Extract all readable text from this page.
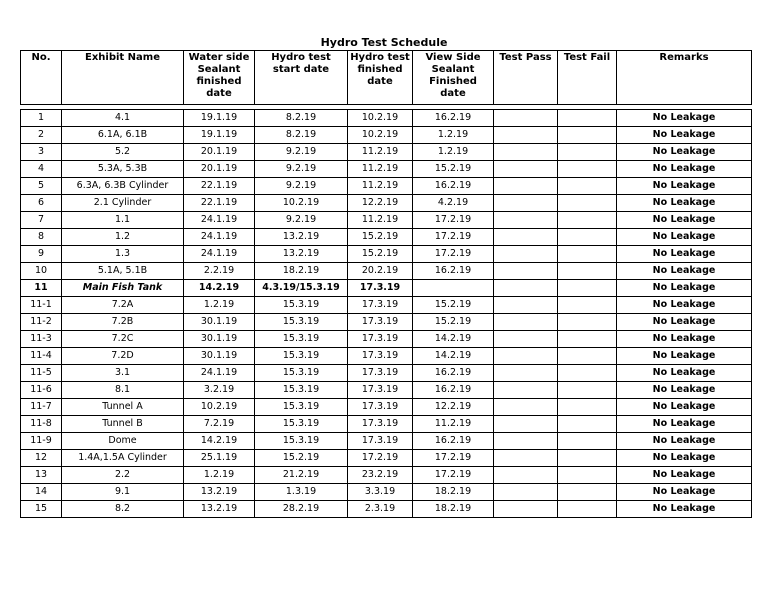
Hydro Test Schedule
No.	Exhibit Name	Water side Sealant finished date	Hydro test start date	Hydro test finished date	View Side Sealant Finished date	Test Pass	Test Fail	Remarks

1	4.1	19.1.19	8.2.19	10.2.19	16.2.19			No Leakage
2	6.1A, 6.1B	19.1.19	8.2.19	10.2.19	1.2.19			No Leakage
3	5.2	20.1.19	9.2.19	11.2.19	1.2.19			No Leakage
4	5.3A, 5.3B	20.1.19	9.2.19	11.2.19	15.2.19			No Leakage
5	6.3A, 6.3B Cylinder	22.1.19	9.2.19	11.2.19	16.2.19			No Leakage
6	2.1 Cylinder	22.1.19	10.2.19	12.2.19	4.2.19			No Leakage
7	1.1	24.1.19	9.2.19	11.2.19	17.2.19			No Leakage
8	1.2	24.1.19	13.2.19	15.2.19	17.2.19			No Leakage
9	1.3	24.1.19	13.2.19	15.2.19	17.2.19			No Leakage
10	5.1A, 5.1B	2.2.19	18.2.19	20.2.19	16.2.19			No Leakage
11	Main Fish Tank	14.2.19	4.3.19/15.3.19	17.3.19				No Leakage
11-1	7.2A	1.2.19	15.3.19	17.3.19	15.2.19			No Leakage
11-2	7.2B	30.1.19	15.3.19	17.3.19	15.2.19			No Leakage
11-3	7.2C	30.1.19	15.3.19	17.3.19	14.2.19			No Leakage
11-4	7.2D	30.1.19	15.3.19	17.3.19	14.2.19			No Leakage
11-5	3.1	24.1.19	15.3.19	17.3.19	16.2.19			No Leakage
11-6	8.1	3.2.19	15.3.19	17.3.19	16.2.19			No Leakage
11-7	Tunnel A	10.2.19	15.3.19	17.3.19	12.2.19			No Leakage
11-8	Tunnel B	7.2.19	15.3.19	17.3.19	11.2.19			No Leakage
11-9	Dome	14.2.19	15.3.19	17.3.19	16.2.19			No Leakage
12	1.4A,1.5A Cylinder	25.1.19	15.2.19	17.2.19	17.2.19			No Leakage
13	2.2	1.2.19	21.2.19	23.2.19	17.2.19			No Leakage
14	9.1	13.2.19	1.3.19	3.3.19	18.2.19			No Leakage
15	8.2	13.2.19	28.2.19	2.3.19	18.2.19			No Leakage
